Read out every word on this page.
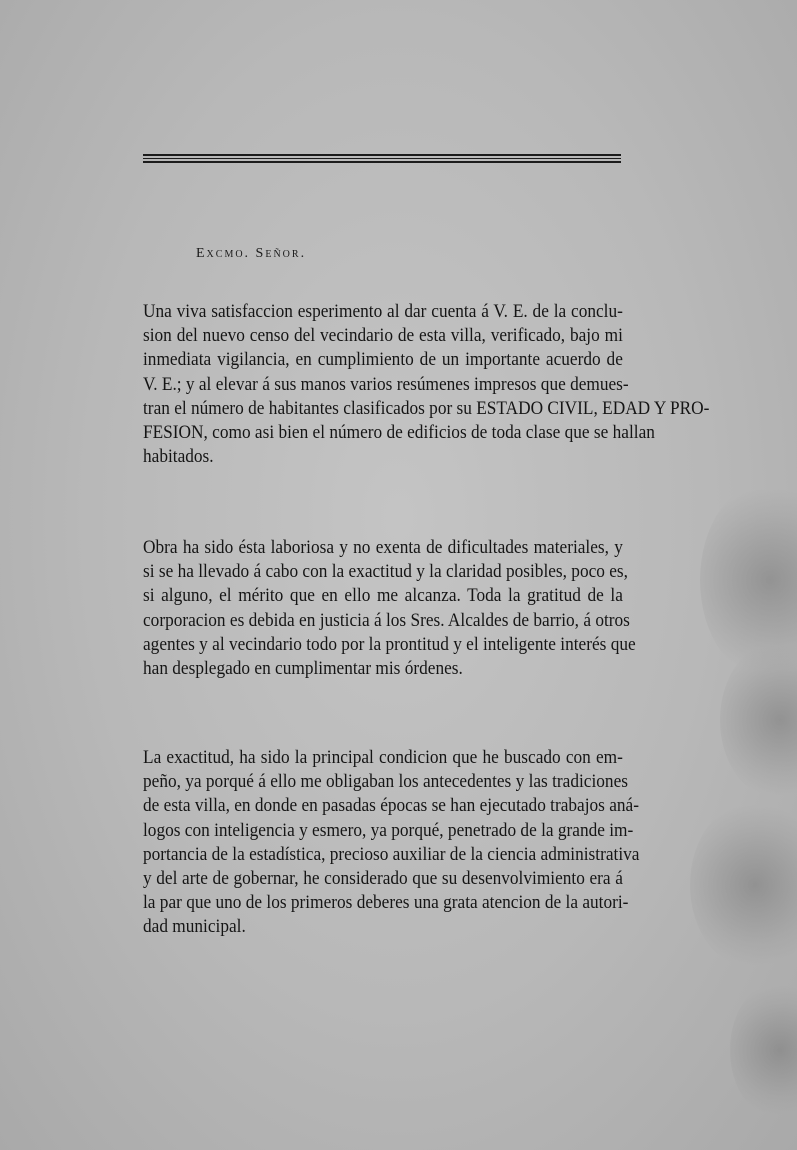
Excmo. Señor.
Una viva satisfaccion esperimento al dar cuenta á V. E. de la conclu-
sion del nuevo censo del vecindario de esta villa, verificado, bajo mi
inmediata vigilancia, en cumplimiento de un importante acuerdo de
V. E.; y al elevar á sus manos varios resúmenes impresos que demues-
tran el número de habitantes clasificados por su ESTADO CIVIL, EDAD Y PRO-
FESION, como asi bien el número de edificios de toda clase que se hallan
habitados.
Obra ha sido ésta laboriosa y no exenta de dificultades materiales, y
si se ha llevado á cabo con la exactitud y la claridad posibles, poco es,
si alguno, el mérito que en ello me alcanza. Toda la gratitud de la
corporacion es debida en justicia á los Sres. Alcaldes de barrio, á otros
agentes y al vecindario todo por la prontitud y el inteligente interés que
han desplegado en cumplimentar mis órdenes.
La exactitud, ha sido la principal condicion que he buscado con em-
peño, ya porqué á ello me obligaban los antecedentes y las tradiciones
de esta villa, en donde en pasadas épocas se han ejecutado trabajos aná-
logos con inteligencia y esmero, ya porqué, penetrado de la grande im-
portancia de la estadística, precioso auxiliar de la ciencia administrativa
y del arte de gobernar, he considerado que su desenvolvimiento era á
la par que uno de los primeros deberes una grata atencion de la autori-
dad municipal.
